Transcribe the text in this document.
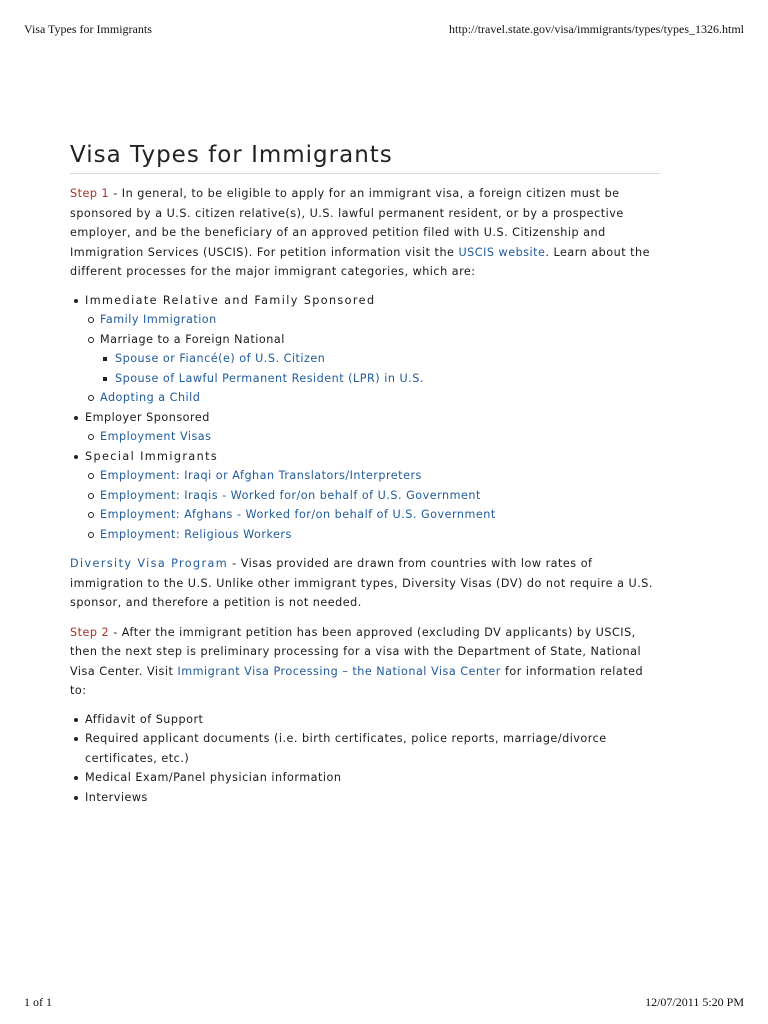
Visa Types for Immigrants	http://travel.state.gov/visa/immigrants/types/types_1326.html
Visa Types for Immigrants

Step 1 - In general, to be eligible to apply for an immigrant visa, a foreign citizen must be sponsored by a U.S. citizen relative(s), U.S. lawful permanent resident, or by a prospective employer, and be the beneficiary of an approved petition filed with U.S. Citizenship and Immigration Services (USCIS). For petition information visit the USCIS website. Learn about the different processes for the major immigrant categories, which are:

Immediate Relative and Family Sponsored
Family Immigration
Marriage to a Foreign National
Spouse or Fiancé(e) of U.S. Citizen
Spouse of Lawful Permanent Resident (LPR) in U.S.
Adopting a Child
Employer Sponsored
Employment Visas
Special Immigrants
Employment: Iraqi or Afghan Translators/Interpreters
Employment: Iraqis - Worked for/on behalf of U.S. Government
Employment: Afghans - Worked for/on behalf of U.S. Government
Employment: Religious Workers

Diversity Visa Program - Visas provided are drawn from countries with low rates of immigration to the U.S. Unlike other immigrant types, Diversity Visas (DV) do not require a U.S. sponsor, and therefore a petition is not needed.

Step 2 - After the immigrant petition has been approved (excluding DV applicants) by USCIS, then the next step is preliminary processing for a visa with the Department of State, National Visa Center. Visit Immigrant Visa Processing – the National Visa Center for information related to:

Affidavit of Support
Required applicant documents (i.e. birth certificates, police reports, marriage/divorce certificates, etc.)
Medical Exam/Panel physician information
Interviews
1 of 1	12/07/2011 5:20 PM
